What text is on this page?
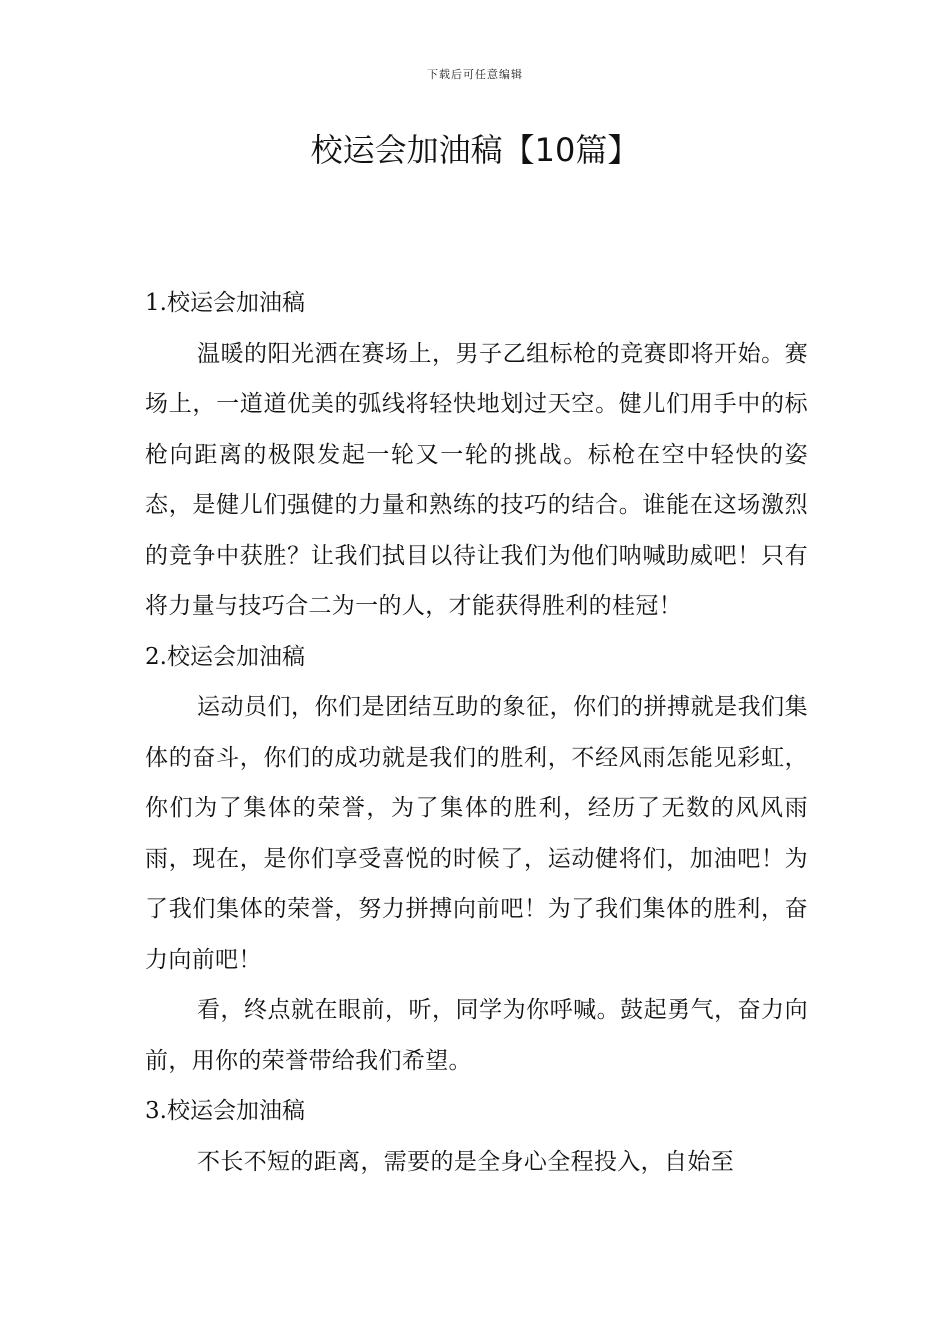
下载后可任意编辑
校运会加油稿【10篇】
1.校运会加油稿

温暖的阳光洒在赛场上，男子乙组标枪的竞赛即将开始。赛场上，一道道优美的弧线将轻快地划过天空。健儿们用手中的标枪向距离的极限发起一轮又一轮的挑战。标枪在空中轻快的姿态，是健儿们强健的力量和熟练的技巧的结合。谁能在这场激烈的竞争中获胜？让我们拭目以待让我们为他们呐喊助威吧！只有将力量与技巧合二为一的人，才能获得胜利的桂冠！

2.校运会加油稿

运动员们，你们是团结互助的象征，你们的拼搏就是我们集体的奋斗，你们的成功就是我们的胜利，不经风雨怎能见彩虹，你们为了集体的荣誉，为了集体的胜利，经历了无数的风风雨雨，现在，是你们享受喜悦的时候了，运动健将们，加油吧！为了我们集体的荣誉，努力拼搏向前吧！为了我们集体的胜利，奋力向前吧！

看，终点就在眼前，听，同学为你呼喊。鼓起勇气，奋力向前，用你的荣誉带给我们希望。

3.校运会加油稿

不长不短的距离，需要的是全身心全程投入，自始至
